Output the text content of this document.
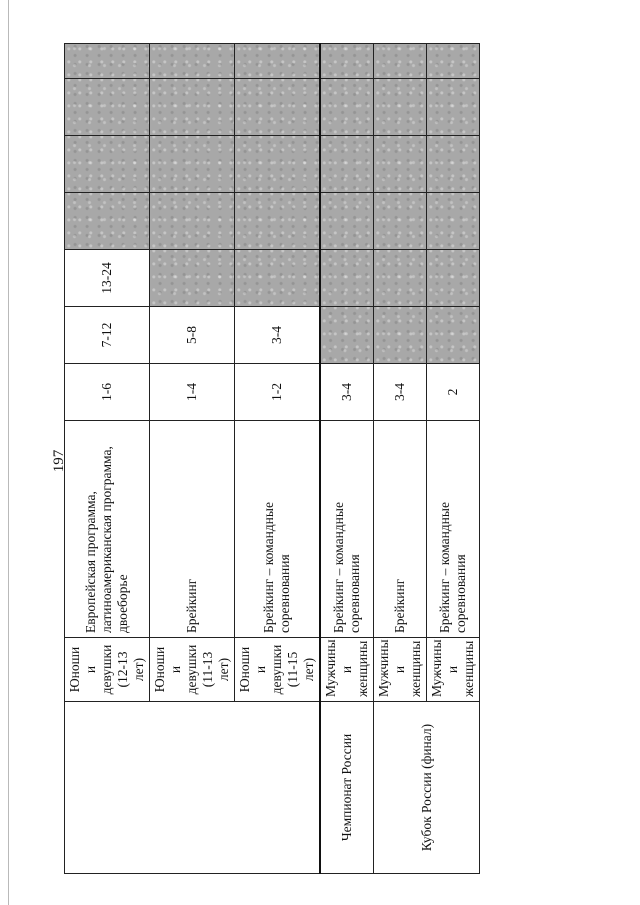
197
	Юноши и девушки (12-13 лет)	Европейская программа, латиноамериканская программа, двоеборье	1-6	7-12	13-24				
	Юноши и девушки (11-13 лет)	Брейкинг	1-4	5-8					
	Юноши и девушки (11-15 лет)	Брейкинг – командные соревнования	1-2	3-4					
Чемпионат России	Мужчины и женщины	Брейкинг – командные соревнования	3-4						
Кубок России (финал)	Мужчины и женщины	Брейкинг	3-4						
	Мужчины и женщины	Брейкинг – командные соревнования	2						
